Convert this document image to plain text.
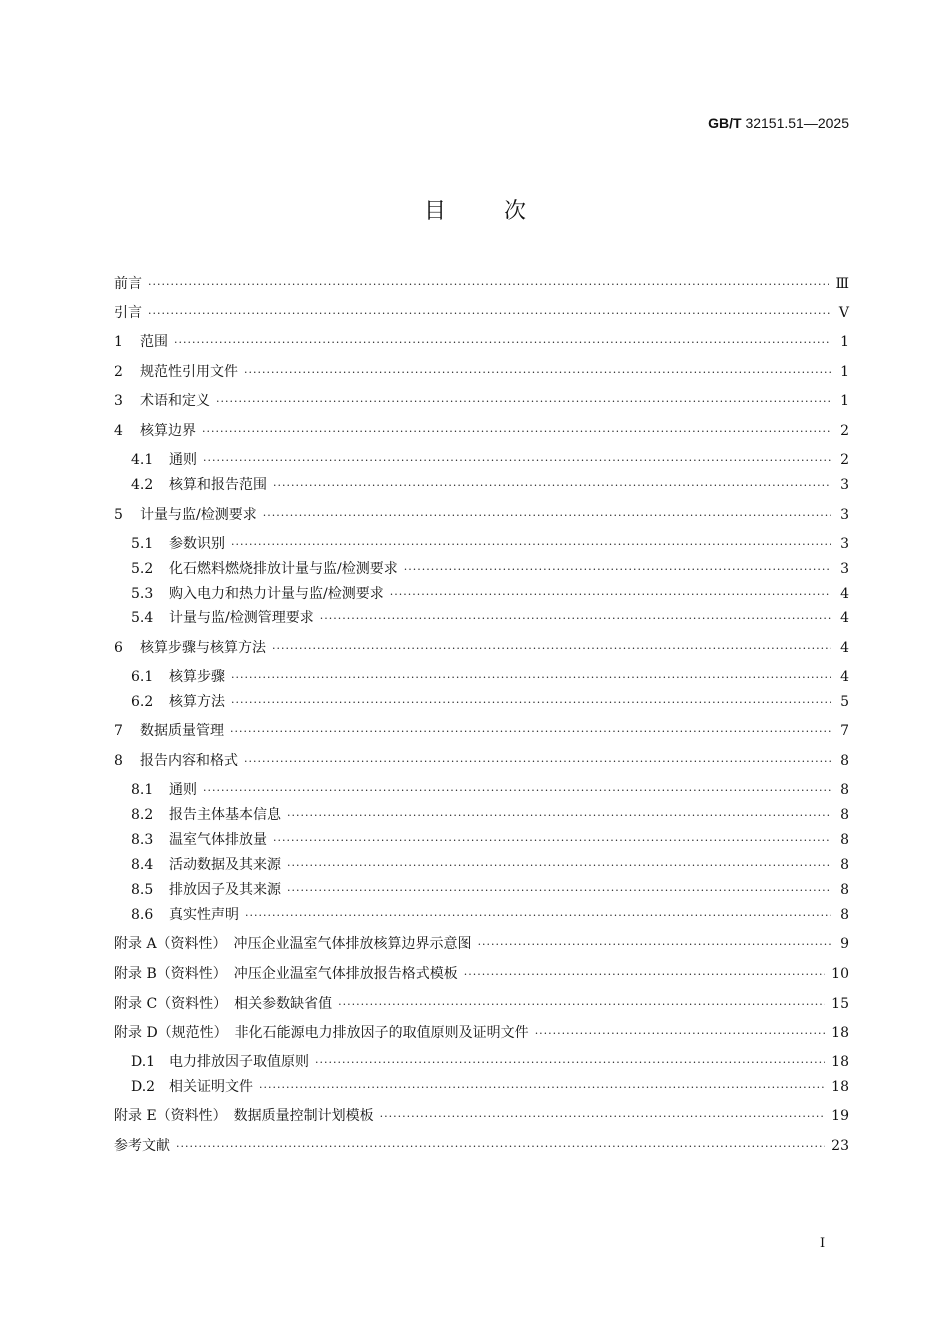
GB/T 32151.51—2025
目次
前言 ·····	Ⅲ
引言 ·····	Ⅴ
1 范围 ·····	1
2 规范性引用文件 ·····	1
3 术语和定义 ·····	1
4 核算边界 ·····	2
4.1 通则 ·····	2
4.2 核算和报告范围 ·····	3
5 计量与监/检测要求 ·····	3
5.1 参数识别 ·····	3
5.2 化石燃料燃烧排放计量与监/检测要求 ·····	3
5.3 购入电力和热力计量与监/检测要求 ·····	4
5.4 计量与监/检测管理要求 ·····	4
6 核算步骤与核算方法 ·····	4
6.1 核算步骤 ·····	4
6.2 核算方法 ·····	5
7 数据质量管理 ·····	7
8 报告内容和格式 ·····	8
8.1 通则 ·····	8
8.2 报告主体基本信息 ·····	8
8.3 温室气体排放量 ·····	8
8.4 活动数据及其来源 ·····	8
8.5 排放因子及其来源 ·····	8
8.6 真实性声明 ·····	8
附录 A（资料性）　冲压企业温室气体排放核算边界示意图 ·····	9
附录 B（资料性）　冲压企业温室气体排放报告格式模板 ·····	10
附录 C（资料性）　相关参数缺省值 ·····	15
附录 D（规范性）　非化石能源电力排放因子的取值原则及证明文件 ·····	18
D.1 电力排放因子取值原则 ·····	18
D.2 相关证明文件 ·····	18
附录 E（资料性）　数据质量控制计划模板 ·····	19
参考文献 ·····	23
I
